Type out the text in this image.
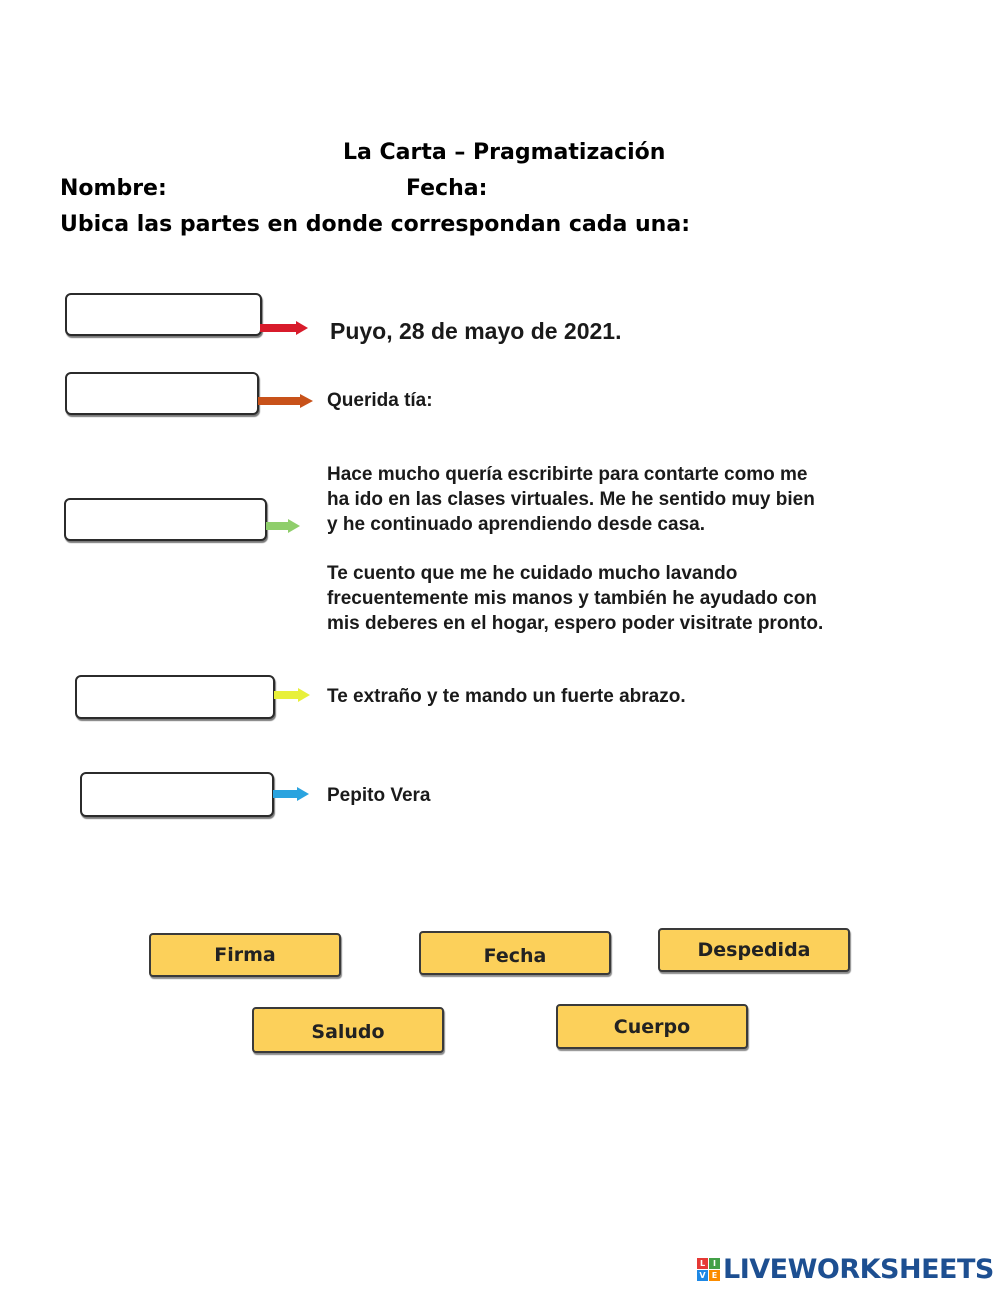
La Carta – Pragmatización
Nombre:	Fecha:
Ubica las partes en donde correspondan cada una:
Puyo, 28 de mayo de 2021.
Querida tía:
Hace mucho quería escribirte para contarte como me
ha ido en las clases virtuales. Me he sentido muy bien
y he continuado aprendiendo desde casa.
Te cuento que me he cuidado mucho lavando
frecuentemente mis manos y también he ayudado con
mis deberes en el hogar, espero poder visitrate pronto.
Te extraño y te mando un fuerte abrazo.
Pepito Vera
Firma	Fecha	Despedida
Saludo	Cuerpo
L I
V E LIVEWORKSHEETS
